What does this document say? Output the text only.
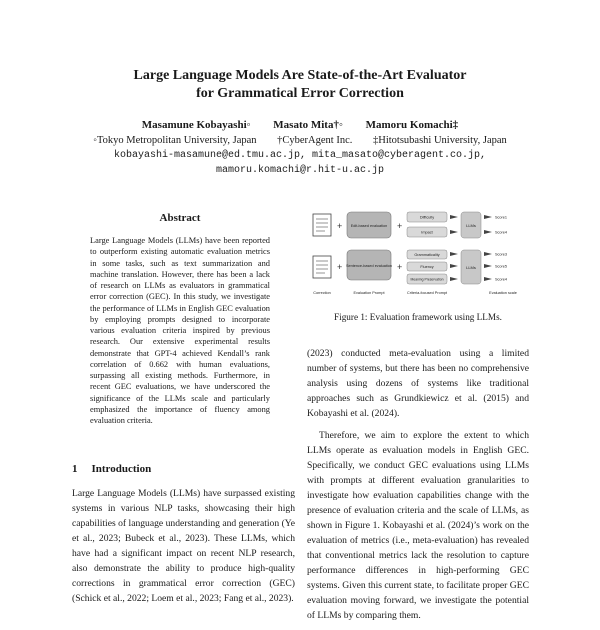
Large Language Models Are State-of-the-Art Evaluator
for Grammatical Error Correction
Masamune Kobayashi◦ Masato Mita†◦ Mamoru Komachi‡
◦Tokyo Metropolitan University, Japan †CyberAgent Inc. ‡Hitotsubashi University, Japan
kobayashi-masamune@ed.tmu.ac.jp, mita_masato@cyberagent.co.jp,
mamoru.komachi@r.hit-u.ac.jp
Abstract
Large Language Models (LLMs) have been reported to outperform existing automatic evaluation metrics in some tasks, such as text summarization and machine translation. However, there has been a lack of research on LLMs as evaluators in grammatical error correction (GEC). In this study, we investigate the performance of LLMs in English GEC evaluation by employing prompts designed to incorporate various evaluation criteria inspired by previous research. Our extensive experimental results demonstrate that GPT-4 achieved Kendall’s rank correlation of 0.662 with human evaluations, surpassing all existing methods. Furthermore, in recent GEC evaluations, we have underscored the significance of the LLMs scale and particularly emphasized the importance of fluency among evaluation criteria.
1 Introduction
Large Language Models (LLMs) have surpassed existing systems in various NLP tasks, showcasing their high capabilities of language understanding and generation (Ye et al., 2023; Bubeck et al., 2023). These LLMs, which have had a significant impact on recent NLP research, also demonstrate the ability to produce high-quality corrections in grammatical error correction (GEC) (Schick et al., 2022; Loem et al., 2023; Fang et al., 2023).
+
+
Edit-based evaluation
Sentence-based evaluation
+
+
Difficulty
Impact
Grammaticality
Fluency
Meaning Preservation
LLMs
LLMs
Score1
Score4
Score3
Score5
Score4
Correction	Evaluation Prompt	Criteria-focused Prompt	Evaluation scale
Figure 1: Evaluation framework using LLMs.

(2023) conducted meta-evaluation using a limited number of systems, but there has been no comprehensive analysis using dozens of systems like traditional approaches such as Grundkiewicz et al. (2015) and Kobayashi et al. (2024).

Therefore, we aim to explore the extent to which LLMs operate as evaluation models in English GEC. Specifically, we conduct GEC evaluations using LLMs with prompts at different evaluation granularities to investigate how evaluation capabilities change with the presence of evaluation criteria and the scale of LLMs, as shown in Figure 1. Kobayashi et al. (2024)’s work on the evaluation of metrics (i.e., meta-evaluation) has revealed that conventional metrics lack the resolution to capture performance differences in high-performing GEC systems. Given this current state, to facilitate proper GEC evaluation moving forward, we investigate the potential of LLMs by comparing them.
